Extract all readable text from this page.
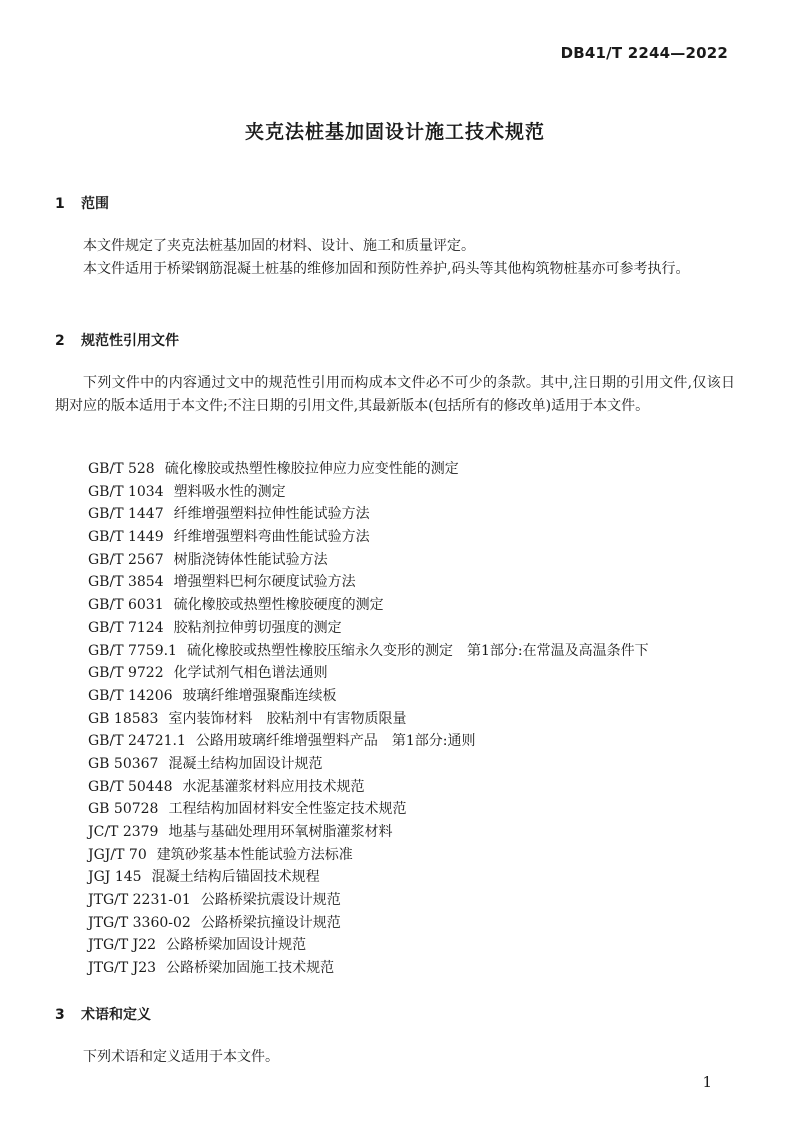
DB41/T 2244—2022
夹克法桩基加固设计施工技术规范
1 范围
本文件规定了夹克法桩基加固的材料、设计、施工和质量评定。
本文件适用于桥梁钢筋混凝土桩基的维修加固和预防性养护,码头等其他构筑物桩基亦可参考执行。
2 规范性引用文件
下列文件中的内容通过文中的规范性引用而构成本文件必不可少的条款。其中,注日期的引用文件,仅该日期对应的版本适用于本文件;不注日期的引用文件,其最新版本(包括所有的修改单)适用于本文件。
GB/T 528 硫化橡胶或热塑性橡胶拉伸应力应变性能的测定
GB/T 1034 塑料吸水性的测定
GB/T 1447 纤维增强塑料拉伸性能试验方法
GB/T 1449 纤维增强塑料弯曲性能试验方法
GB/T 2567 树脂浇铸体性能试验方法
GB/T 3854 增强塑料巴柯尔硬度试验方法
GB/T 6031 硫化橡胶或热塑性橡胶硬度的测定
GB/T 7124 胶粘剂拉伸剪切强度的测定
GB/T 7759.1 硫化橡胶或热塑性橡胶压缩永久变形的测定　第1部分:在常温及高温条件下
GB/T 9722 化学试剂气相色谱法通则
GB/T 14206 玻璃纤维增强聚酯连续板
GB 18583 室内装饰材料　胶粘剂中有害物质限量
GB/T 24721.1 公路用玻璃纤维增强塑料产品　第1部分:通则
GB 50367 混凝土结构加固设计规范
GB/T 50448 水泥基灌浆材料应用技术规范
GB 50728 工程结构加固材料安全性鉴定技术规范
JC/T 2379 地基与基础处理用环氧树脂灌浆材料
JGJ/T 70 建筑砂浆基本性能试验方法标准
JGJ 145 混凝土结构后锚固技术规程
JTG/T 2231-01 公路桥梁抗震设计规范
JTG/T 3360-02 公路桥梁抗撞设计规范
JTG/T J22 公路桥梁加固设计规范
JTG/T J23 公路桥梁加固施工技术规范
3 术语和定义
下列术语和定义适用于本文件。
1
